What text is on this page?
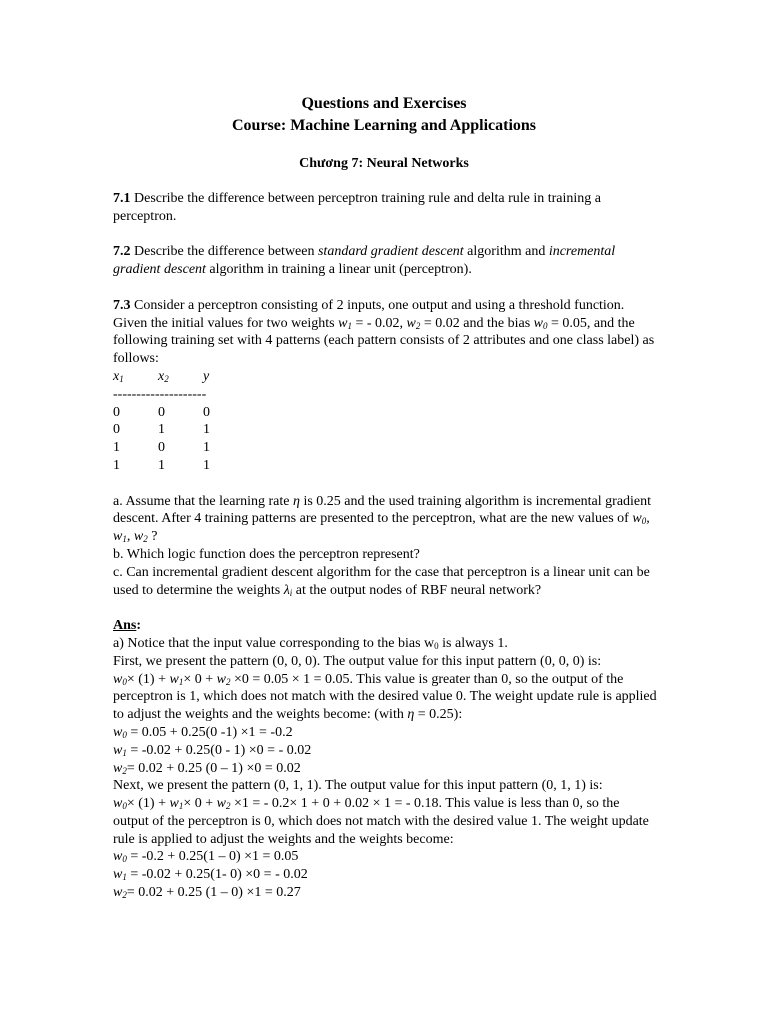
Questions and Exercises
Course: Machine Learning and Applications
Chương 7: Neural Networks

7.1 Describe the difference between perceptron training rule and delta rule in training a perceptron.

7.2 Describe the difference between standard gradient descent algorithm and incremental gradient descent algorithm in training a linear unit (perceptron).

7.3 Consider a perceptron consisting of 2 inputs, one output and using a threshold function. Given the initial values for two weights $w_1$ = - 0.02, $w_2 = 0.02$ and the bias $w_0 = 0.05$, and the following training set with 4 patterns (each pattern consists of 2 attributes and one class label) as follows:

$x_1$ $x_2$ y
--------------------
0	0	0
0	1	1
1	0	1
1	1	1

a. Assume that the learning rate η is 0.25 and the used training algorithm is incremental gradient descent. After 4 training patterns are presented to the perceptron, what are the new values of $w_0$, $w_1$, $w_2$ ?

b. Which logic function does the perceptron represent?

c. Can incremental gradient descent algorithm for the case that perceptron is a linear unit can be used to determine the weights $\lambda_i$ at the output nodes of RBF neural network?

Ans:

a) Notice that the input value corresponding to the bias $w_0$ is always 1.

First, we present the pattern (0, 0, 0). The output value for this input pattern (0, 0, 0) is:

$w_0\times (1) + w_1\times 0 + w_2 \times 0 = 0.05 \times 1 = 0.05$. This value is greater than 0, so the output of the perceptron is 1, which does not match with the desired value 0. The weight update rule is applied to adjust the weights and the weights become: (with η = 0.25):

$w_0 = 0.05 + 0.25(0$ -1) ×1 = -0.2

$w_1 = -0.02 + 0.25(0 - 1) \times 0$ = - 0.02

$w_2= 0.02 + 0.25$ (0 – 1) ×0 = 0.02

Next, we present the pattern (0, 1, 1). The output value for this input pattern (0, 1, 1) is:

$w_0\times (1) + w_1\times 0 + w_2 \times 1$ = - 0.2× 1 + 0 + 0.02 × 1 = - 0.18. This value is less than 0, so the output of the perceptron is 0, which does not match with the desired value 1. The weight update rule is applied to adjust the weights and the weights become:

$w_0 = -0.2 + 0.25(1 - 0) \times 1 = 0.05$

$w_1 = -0.02 + 0.25(1-$ 0) ×0 = - 0.02

$w_2= 0.02 + 0.25$ (1 – 0) ×1 = 0.27
